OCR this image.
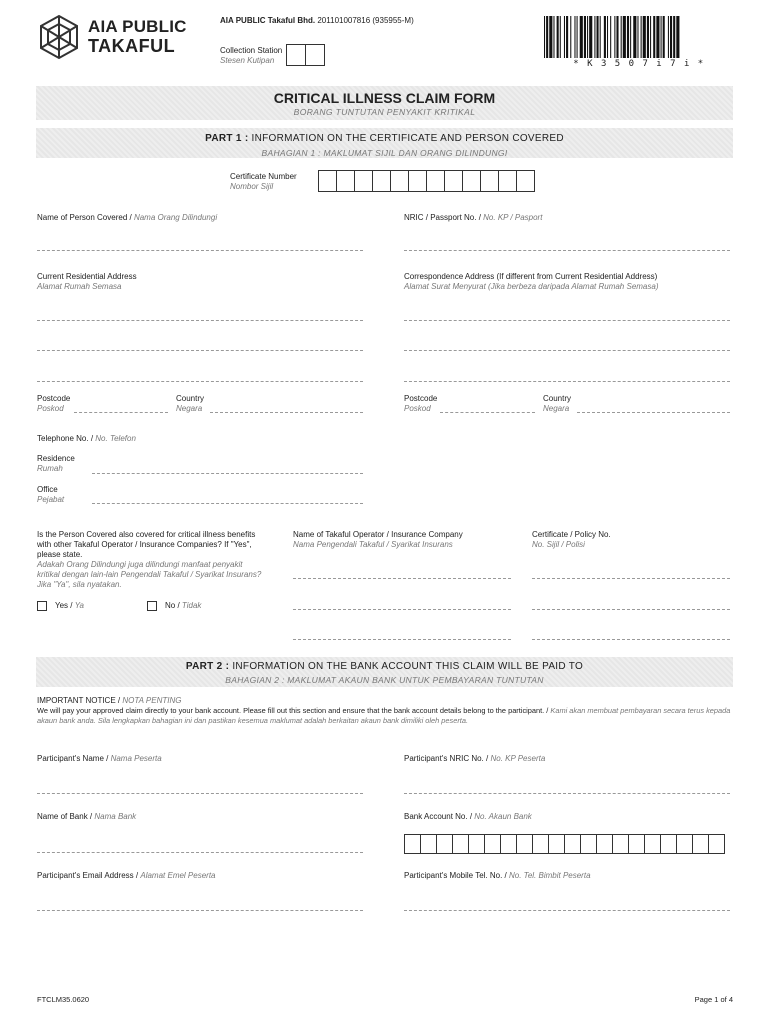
AIA PUBLIC
TAKAFUL
AIA PUBLIC Takaful Bhd. 201101007816 (935955-M)
Collection Station
Stesen Kutipan	* K 3 5 0 7 i 7 i *
CRITICAL ILLNESS CLAIM FORM
BORANG TUNTUTAN PENYAKIT KRITIKAL
PART 1 : INFORMATION ON THE CERTIFICATE AND PERSON COVERED
BAHAGIAN 1 : MAKLUMAT SIJIL DAN ORANG DILINDUNGI
Certificate Number
Nombor Sijil
Name of Person Covered / Nama Orang Dilindungi	NRIC / Passport No. / No. KP / Pasport
Current Residential Address
Alamat Rumah Semasa
Correspondence Address (If different from Current Residential Address)
Alamat Surat Menyurat (Jika berbeza daripada Alamat Rumah Semasa)
Postcode
Poskod
Country
Negara
Postcode
Poskod
Country
Negara
Telephone No. / No. Telefon
Residence
Rumah
Office
Pejabat
Is the Person Covered also covered for critical illness benefits with other Takaful Operator / Insurance Companies? If "Yes", please state.
Adakah Orang Dilindungi juga dilindungi manfaat penyakit kritikal dengan lain-lain Pengendali Takaful / Syarikat Insurans? Jika "Ya", sila nyatakan.
Yes / Ya	No / Tidak
Name of Takaful Operator / Insurance Company
Nama Pengendali Takaful / Syarikat Insurans
Certificate / Policy No.
No. Sijil / Polisi
PART 2 : INFORMATION ON THE BANK ACCOUNT THIS CLAIM WILL BE PAID TO
BAHAGIAN 2 : MAKLUMAT AKAUN BANK UNTUK PEMBAYARAN TUNTUTAN
IMPORTANT NOTICE / NOTA PENTING
We will pay your approved claim directly to your bank account. Please fill out this section and ensure that the bank account details belong to the participant. / Kami akan membuat pembayaran secara terus kepada akaun bank anda. Sila lengkapkan bahagian ini dan pastikan kesemua maklumat adalah berkaitan akaun bank dimiliki oleh peserta.
Participant's Name / Nama Peserta	Participant's NRIC No. / No. KP Peserta
Name of Bank / Nama Bank	Bank Account No. / No. Akaun Bank
Participant's Email Address / Alamat Emel Peserta	Participant's Mobile Tel. No. / No. Tel. Bimbit Peserta
FTCLM35.0620	Page 1 of 4
